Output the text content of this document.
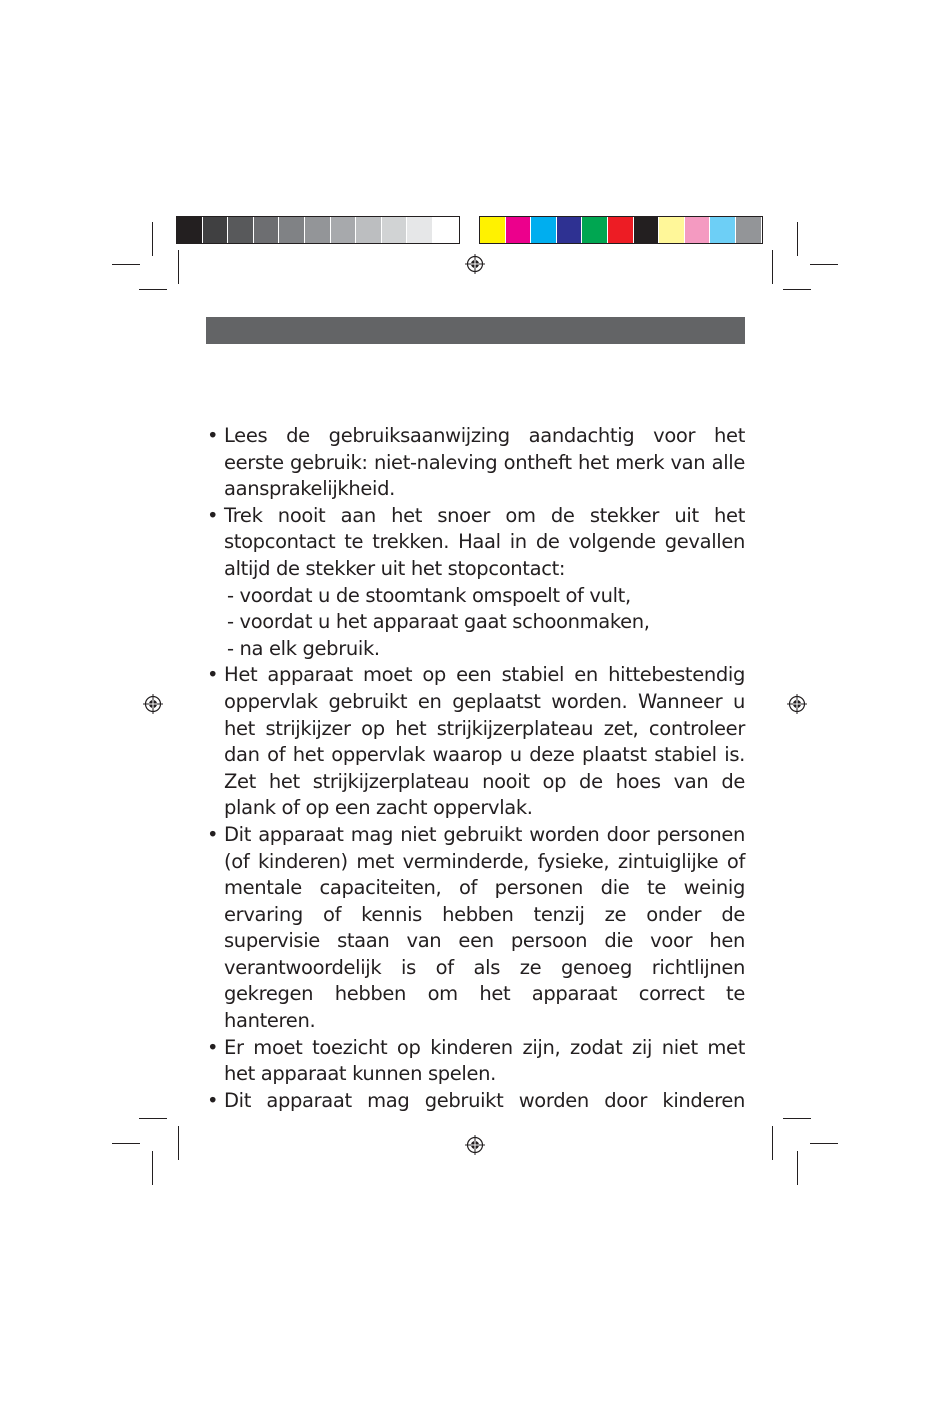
• Lees de gebruiksaanwijzing aandachtig voor het eerste gebruik: niet-naleving ontheft het merk van alle aansprakelijkheid.
• Trek nooit aan het snoer om de stekker uit het stopcontact te trekken. Haal in de volgende gevallen altijd de stekker uit het stopcontact:
- voordat u de stoomtank omspoelt of vult,
- voordat u het apparaat gaat schoonmaken,
- na elk gebruik.
• Het apparaat moet op een stabiel en hittebestendig oppervlak gebruikt en geplaatst worden. Wanneer u het strijkijzer op het strijkijzerplateau zet, controleer dan of het oppervlak waarop u deze plaatst stabiel is. Zet het strijkijzerplateau nooit op de hoes van de plank of op een zacht oppervlak.
• Dit apparaat mag niet gebruikt worden door personen (of kinderen) met verminderde, fysieke, zintuiglijke of mentale capaciteiten, of personen die te weinig ervaring of kennis hebben tenzij ze onder de supervisie staan van een persoon die voor hen verantwoordelijk is of als ze genoeg richtlijnen gekregen hebben om het apparaat correct te hanteren.
• Er moet toezicht op kinderen zijn, zodat zij niet met het apparaat kunnen spelen.
• Dit apparaat mag gebruikt worden door kinderen
